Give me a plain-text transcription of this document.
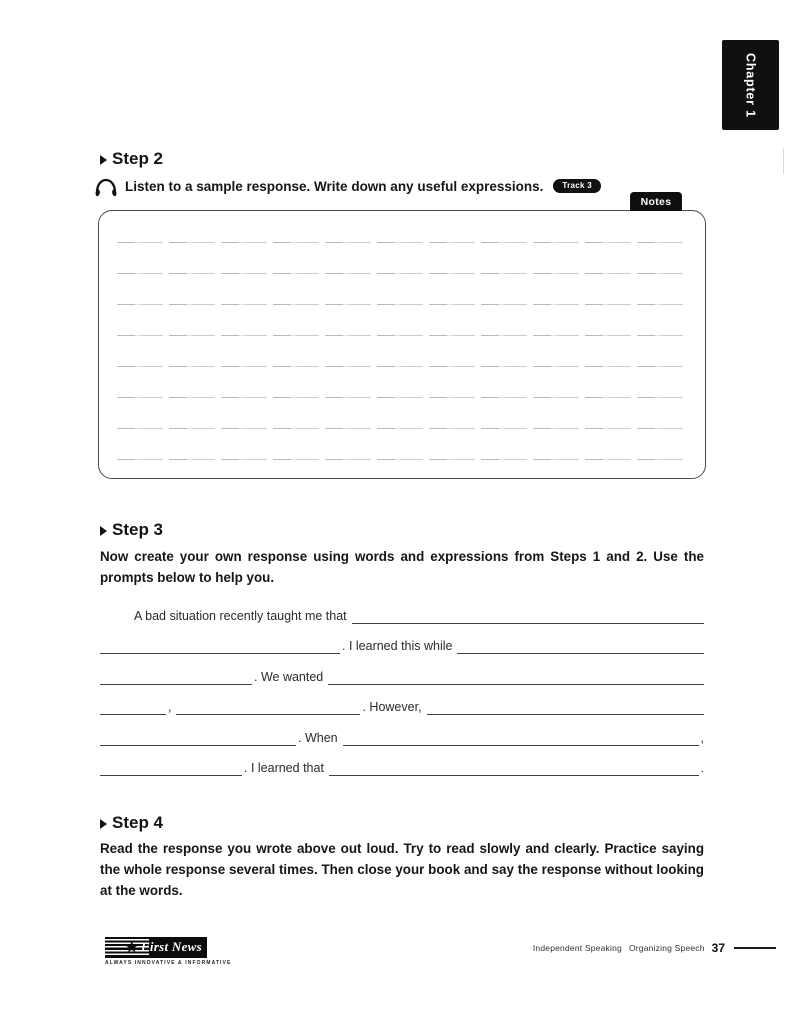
Chapter 1
Step 2
Listen to a sample response. Write down any useful expressions.	Track 3
Notes
Step 3

Now create your own response using words and expressions from Steps 1 and 2. Use the prompts below to help you.

A bad situation recently taught me that
. I learned this while
. We wanted
,	. However,
. When	,
. I learned that	.
Step 4

Read the response you wrote above out loud. Try to read slowly and clearly. Practice saying the whole response several times. Then close your book and say the response without looking at the words.

★ First News
ALWAYS INNOVATIVE & INFORMATIVE
Independent Speaking Organizing Speech 37
